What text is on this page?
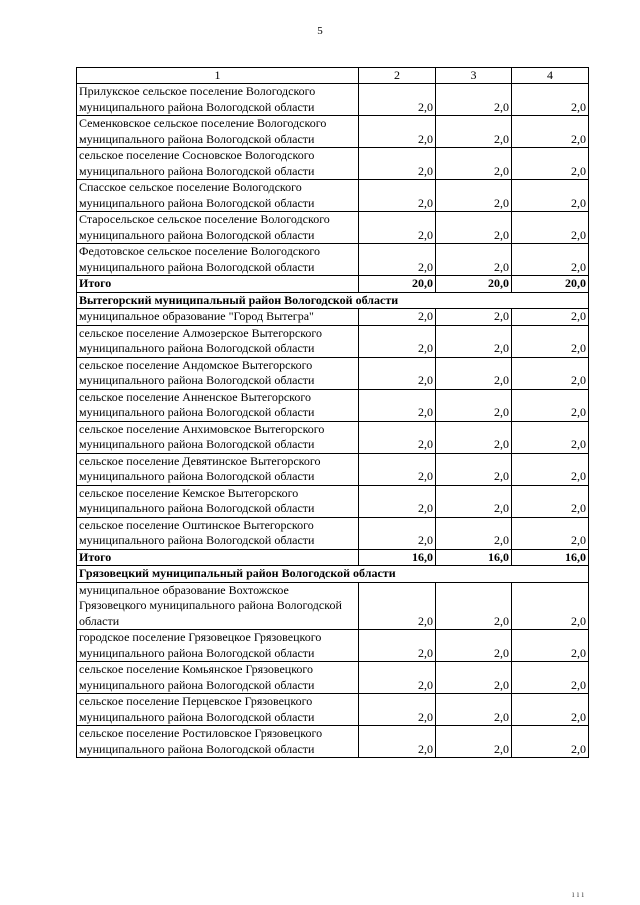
5
1	2	3	4
Прилукское сельское поселение Вологодского муниципального района Вологодской области	2,0	2,0	2,0
Семенковское сельское поселение Вологодского муниципального района Вологодской области	2,0	2,0	2,0
сельское поселение Сосновское Вологодского муниципального района Вологодской области	2,0	2,0	2,0
Спасское сельское поселение Вологодского муниципального района Вологодской области	2,0	2,0	2,0
Старосельское сельское поселение Вологодского муниципального района Вологодской области	2,0	2,0	2,0
Федотовское сельское поселение Вологодского муниципального района Вологодской области	2,0	2,0	2,0
Итого	20,0	20,0	20,0
Вытегорский муниципальный район Вологодской области			
муниципальное образование "Город Вытегра"	2,0	2,0	2,0
сельское поселение Алмозерское Вытегорского муниципального района Вологодской области	2,0	2,0	2,0
сельское поселение Андомское Вытегорского муниципального района Вологодской области	2,0	2,0	2,0
сельское поселение Анненское Вытегорского муниципального района Вологодской области	2,0	2,0	2,0
сельское поселение Анхимовское Вытегорского муниципального района Вологодской области	2,0	2,0	2,0
сельское поселение Девятинское Вытегорского муниципального района Вологодской области	2,0	2,0	2,0
сельское поселение Кемское Вытегорского муниципального района Вологодской области	2,0	2,0	2,0
сельское поселение Оштинское Вытегорского муниципального района Вологодской области	2,0	2,0	2,0
Итого	16,0	16,0	16,0
Грязовецкий муниципальный район Вологодской области			
муниципальное образование Вохтожское Грязовецкого муниципального района Вологодской области	2,0	2,0	2,0
городское поселение Грязовецкое Грязовецкого муниципального района Вологодской области	2,0	2,0	2,0
сельское поселение Комьянское Грязовецкого муниципального района Вологодской области	2,0	2,0	2,0
сельское поселение Перцевское Грязовецкого муниципального района Вологодской области	2,0	2,0	2,0
сельское поселение Ростиловское Грязовецкого муниципального района Вологодской области	2,0	2,0	2,0
ı ı ı
